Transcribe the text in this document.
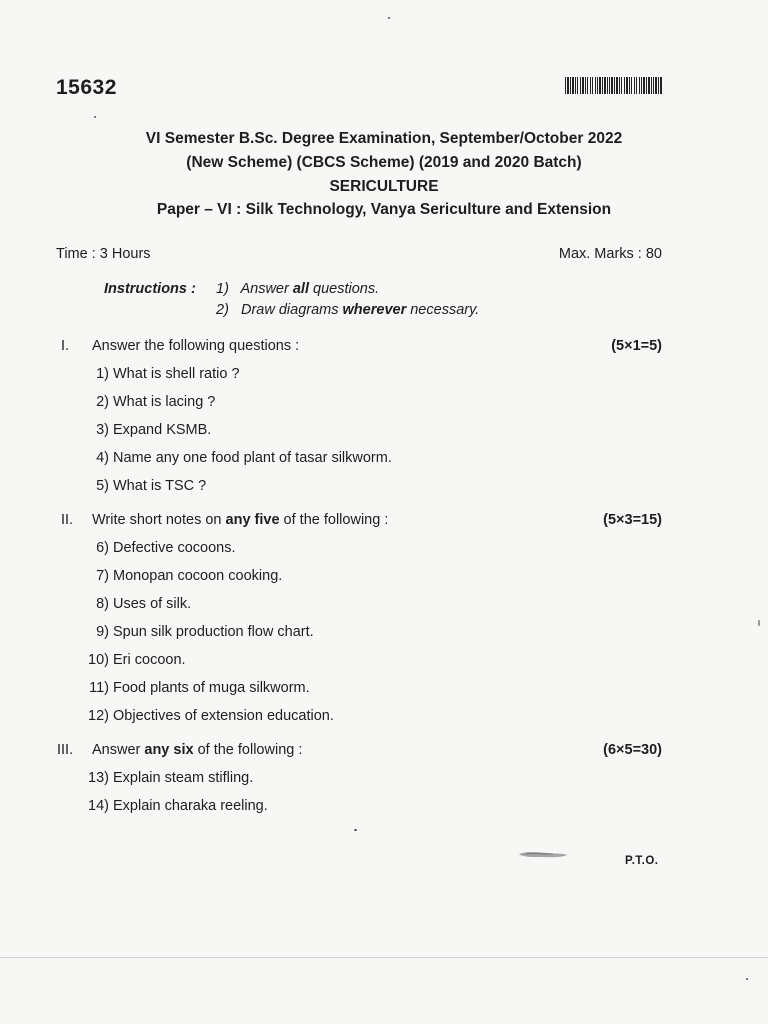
15632
VI Semester B.Sc. Degree Examination, September/October 2022
(New Scheme) (CBCS Scheme) (2019 and 2020 Batch)
SERICULTURE
Paper – VI : Silk Technology, Vanya Sericulture and Extension
Time : 3 Hours	Max. Marks : 80
Instructions : 1) Answer all questions.
2) Draw diagrams wherever necessary.
I. Answer the following questions :	(5×1=5)
1) What is shell ratio ?
2) What is lacing ?
3) Expand KSMB.
4) Name any one food plant of tasar silkworm.
5) What is TSC ?
II. Write short notes on any five of the following :	(5×3=15)
6) Defective cocoons.
7) Monopan cocoon cooking.
8) Uses of silk.
9) Spun silk production flow chart.
10) Eri cocoon.
11) Food plants of muga silkworm.
12) Objectives of extension education.
III. Answer any six of the following :	(6×5=30)
13) Explain steam stifling.
14) Explain charaka reeling.
P.T.O.
